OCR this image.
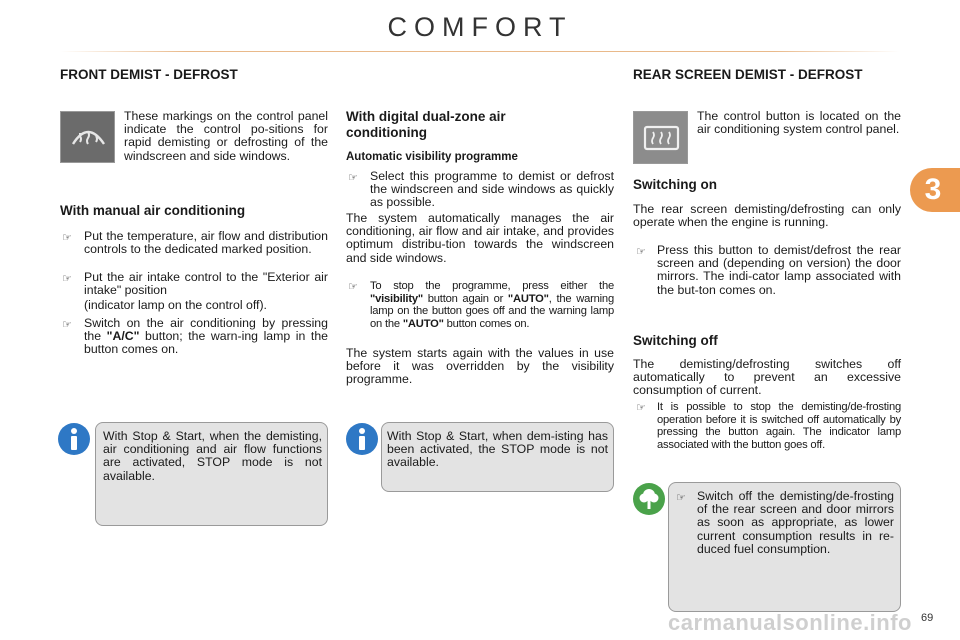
COMFORT
3
FRONT DEMIST - DEFROST
These markings on the control panel indicate the control po-sitions for rapid demisting or defrosting of the windscreen and side windows.
With manual air conditioning
☞ Put the temperature, air flow and distribution controls to the dedicated marked position.
☞ Put the air intake control to the "Exterior air intake" position
(indicator lamp on the control off).
☞ Switch on the air conditioning by pressing the "A/C" button; the warn-ing lamp in the button comes on.
With Stop & Start, when the demisting, air conditioning and air flow functions are activated, STOP mode is not available.
With digital dual-zone air conditioning
Automatic visibility programme
☞ Select this programme to demist or defrost the windscreen and side windows as quickly as possible.
The system automatically manages the air conditioning, air flow and air intake, and provides optimum distribu-tion towards the windscreen and side windows.
☞ To stop the programme, press either the "visibility" button again or "AUTO", the warning lamp on the button goes off and the warning lamp on the "AUTO" button comes on.
The system starts again with the values in use before it was overridden by the visibility programme.
With Stop & Start, when dem-isting has been activated, the STOP mode is not available.
REAR SCREEN DEMIST - DEFROST
The control button is located on the air conditioning system control panel.
Switching on
The rear screen demisting/defrosting can only operate when the engine is running.
☞ Press this button to demist/defrost the rear screen and (depending on version) the door mirrors. The indi-cator lamp associated with the but-ton comes on.
Switching off
The demisting/defrosting switches off automatically to prevent an excessive consumption of current.
☞ It is possible to stop the demisting/de-frosting operation before it is switched off automatically by pressing the button again. The indicator lamp associated with the button goes off.
☞ Switch off the demisting/de-frosting of the rear screen and door mirrors as soon as appropriate, as lower current consumption results in re-duced fuel consumption.
carmanualsonline.info 69
